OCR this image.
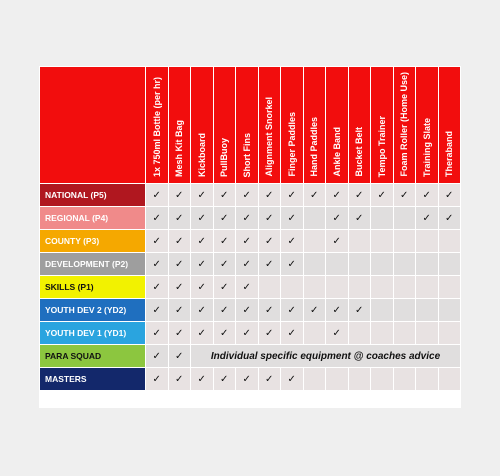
	1x 750ml Bottle (per hr)	Mesh Kit Bag	Kickboard	PullBuoy	Short Fins	Alignment Snorkel	Finger Paddles	Hand Paddles	Ankle Band	Bucket Belt	Tempo Trainer	Foam Roller (Home Use)	Training Slate	Theraband

NATIONAL (P5)	✓	✓	✓	✓	✓	✓	✓	✓	✓	✓	✓	✓	✓	✓
REGIONAL (P4)	✓	✓	✓	✓	✓	✓	✓		✓	✓			✓	✓
COUNTY (P3)	✓	✓	✓	✓	✓	✓	✓		✓					
DEVELOPMENT (P2)	✓	✓	✓	✓	✓	✓	✓							
SKILLS (P1)	✓	✓	✓	✓	✓									
YOUTH DEV 2 (YD2)	✓	✓	✓	✓	✓	✓	✓	✓	✓	✓				
YOUTH DEV 1 (YD1)	✓	✓	✓	✓	✓	✓	✓		✓					
PARA SQUAD	✓	✓	Individual specific equipment @ coaches advice											
MASTERS	✓	✓	✓	✓	✓	✓	✓							
